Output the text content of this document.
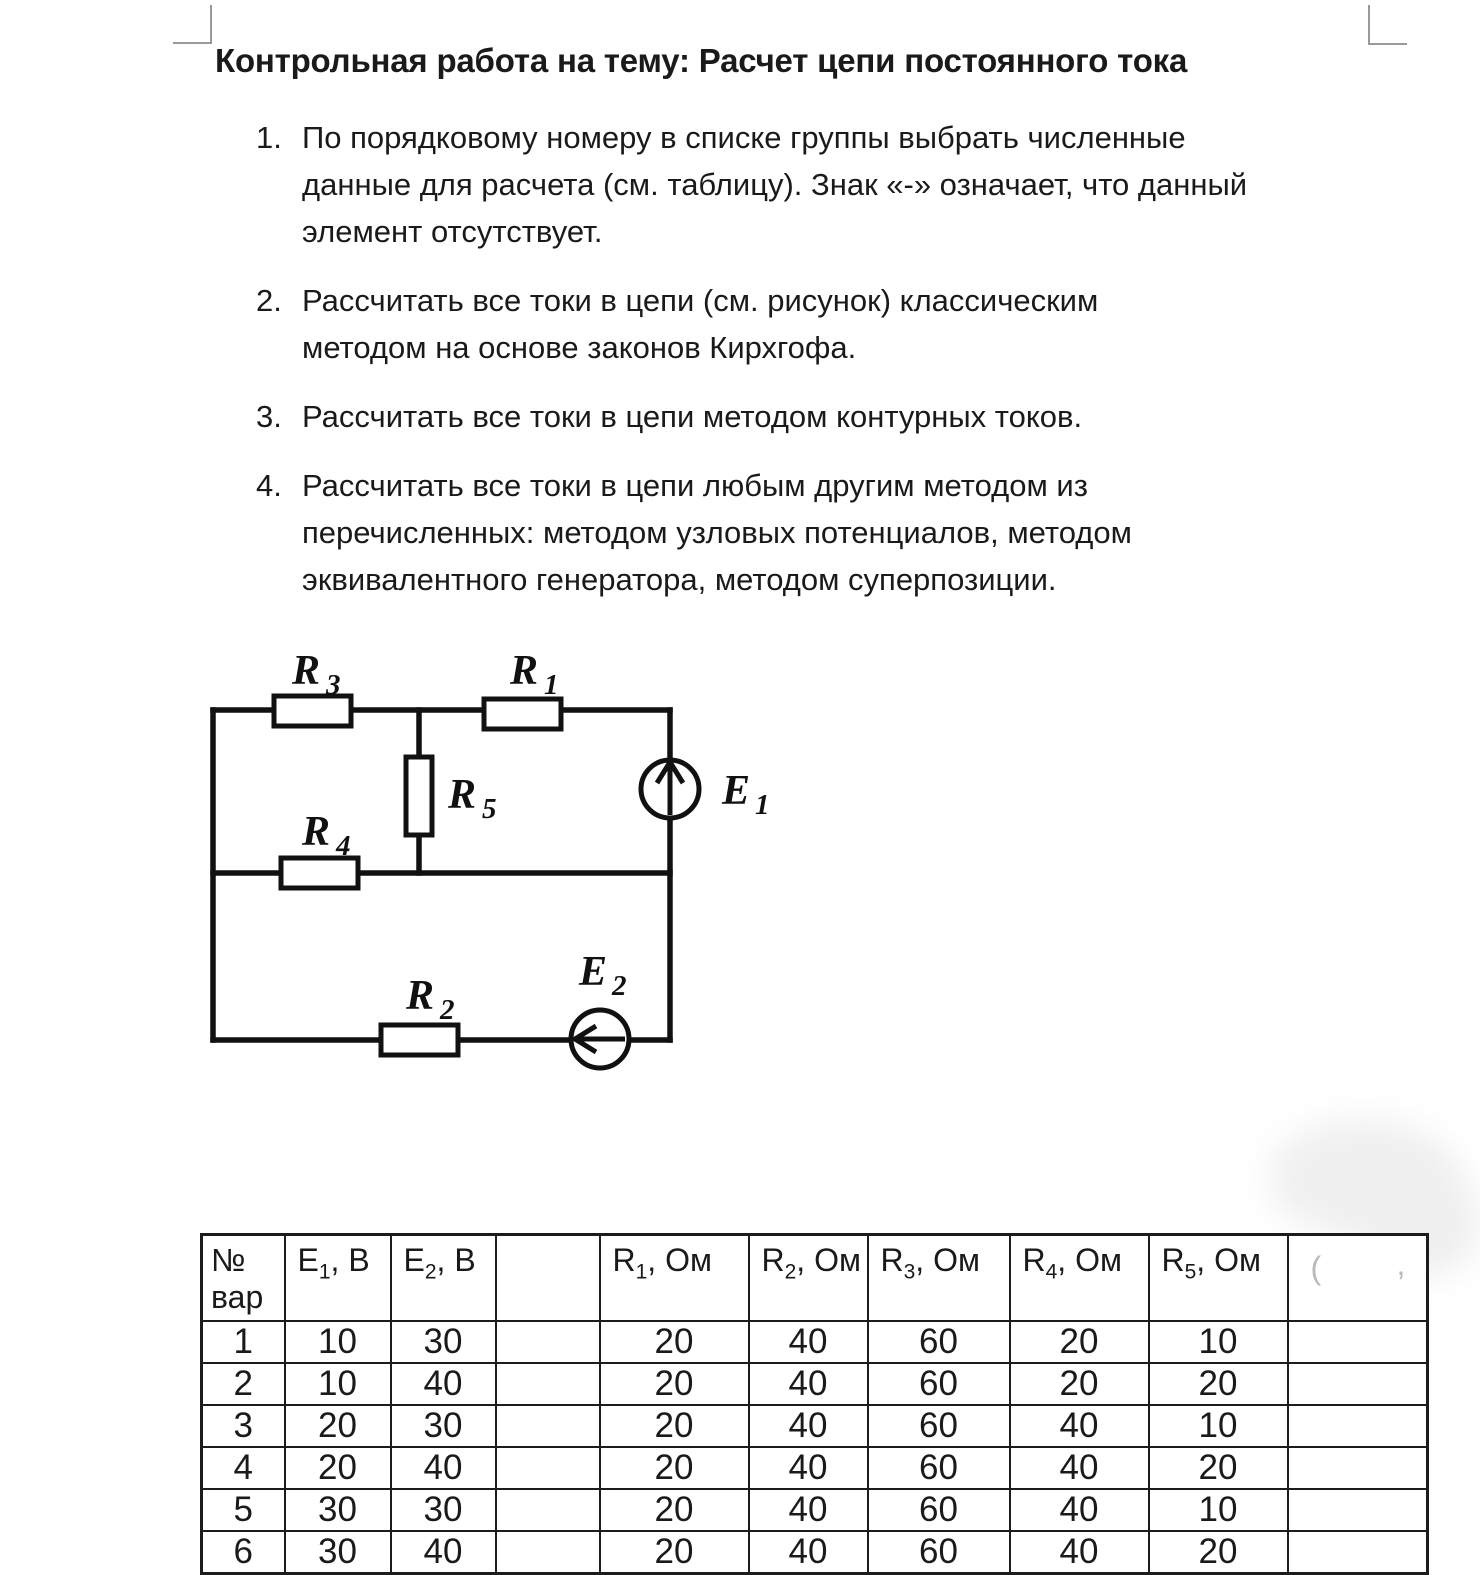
Контрольная работа на тему: Расчет цепи постоянного тока
1. По порядковому номеру в списке группы выбрать численные
данные для расчета (см. таблицу). Знак «-» означает, что данный
элемент отсутствует.
2. Рассчитать все токи в цепи (см. рисунок) классическим
методом на основе законов Кирхгофа.
3. Рассчитать все токи в цепи методом контурных токов.
4. Рассчитать все токи в цепи любым другим методом из
перечисленных: методом узловых потенциалов, методом
эквивалентного генератора, методом суперпозиции.
R 3	R 1
R 5
R 4
E 1
R 2
E 2
№
вар	$E_1$, В	$E_2$, В		$R_1$, Ом	$R_2$, Ом	$R_3$, Ом	$R_4$, Ом	$R_5$, Ом	( ,

1	10	30		20	40	60	20	10	
2	10	40		20	40	60	20	20	
3	20	30		20	40	60	40	10	
4	20	40		20	40	60	40	20	
5	30	30		20	40	60	40	10	
6	30	40		20	40	60	40	20	
